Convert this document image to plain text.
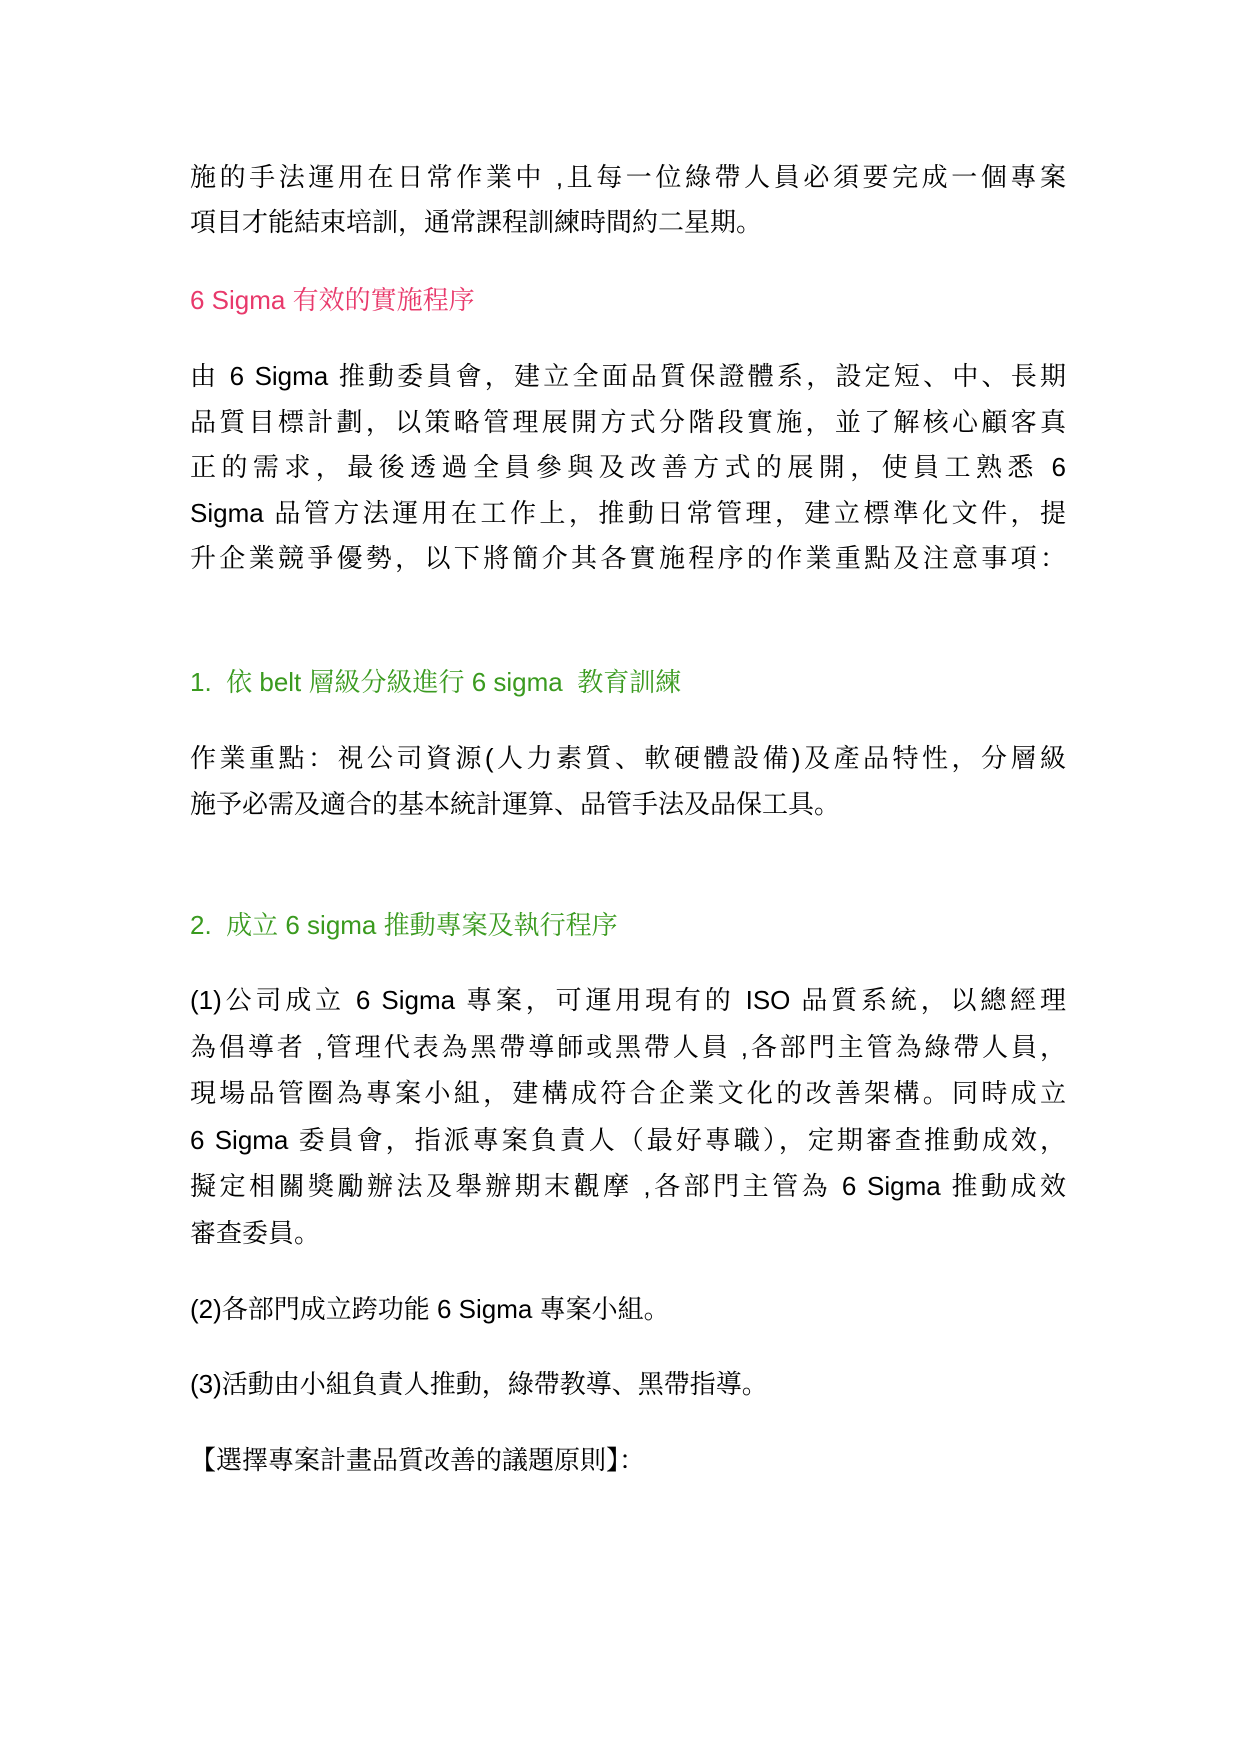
施的手法運用在日常作業中 ,且每一位綠帶人員必須要完成一個專案
項目才能結束培訓，通常課程訓練時間約二星期。
6 Sigma 有效的實施程序
由 6 Sigma 推動委員會，建立全面品質保證體系，設定短、中、長期
品質目標計劃，以策略管理展開方式分階段實施，並了解核心顧客真
正的需求，最後透過全員參與及改善方式的展開，使員工熟悉 6
Sigma 品管方法運用在工作上，推動日常管理，建立標準化文件，提
升企業競爭優勢，以下將簡介其各實施程序的作業重點及注意事項：
1.  依 belt 層級分級進行 6 sigma  教育訓練
作業重點：視公司資源(人力素質、軟硬體設備)及產品特性，分層級
施予必需及適合的基本統計運算、品管手法及品保工具。
2.  成立 6 sigma 推動專案及執行程序
(1)公司成立 6 Sigma 專案，可運用現有的 ISO 品質系統，以總經理
為倡導者 ,管理代表為黑帶導師或黑帶人員 ,各部門主管為綠帶人員，
現場品管圈為專案小組，建構成符合企業文化的改善架構。同時成立
6 Sigma 委員會，指派專案負責人（最好專職），定期審查推動成效，
擬定相關獎勵辦法及舉辦期末觀摩 ,各部門主管為 6 Sigma 推動成效
審查委員。
(2)各部門成立跨功能 6 Sigma 專案小組。
(3)活動由小組負責人推動，綠帶教導、黑帶指導。
【選擇專案計畫品質改善的議題原則】：
